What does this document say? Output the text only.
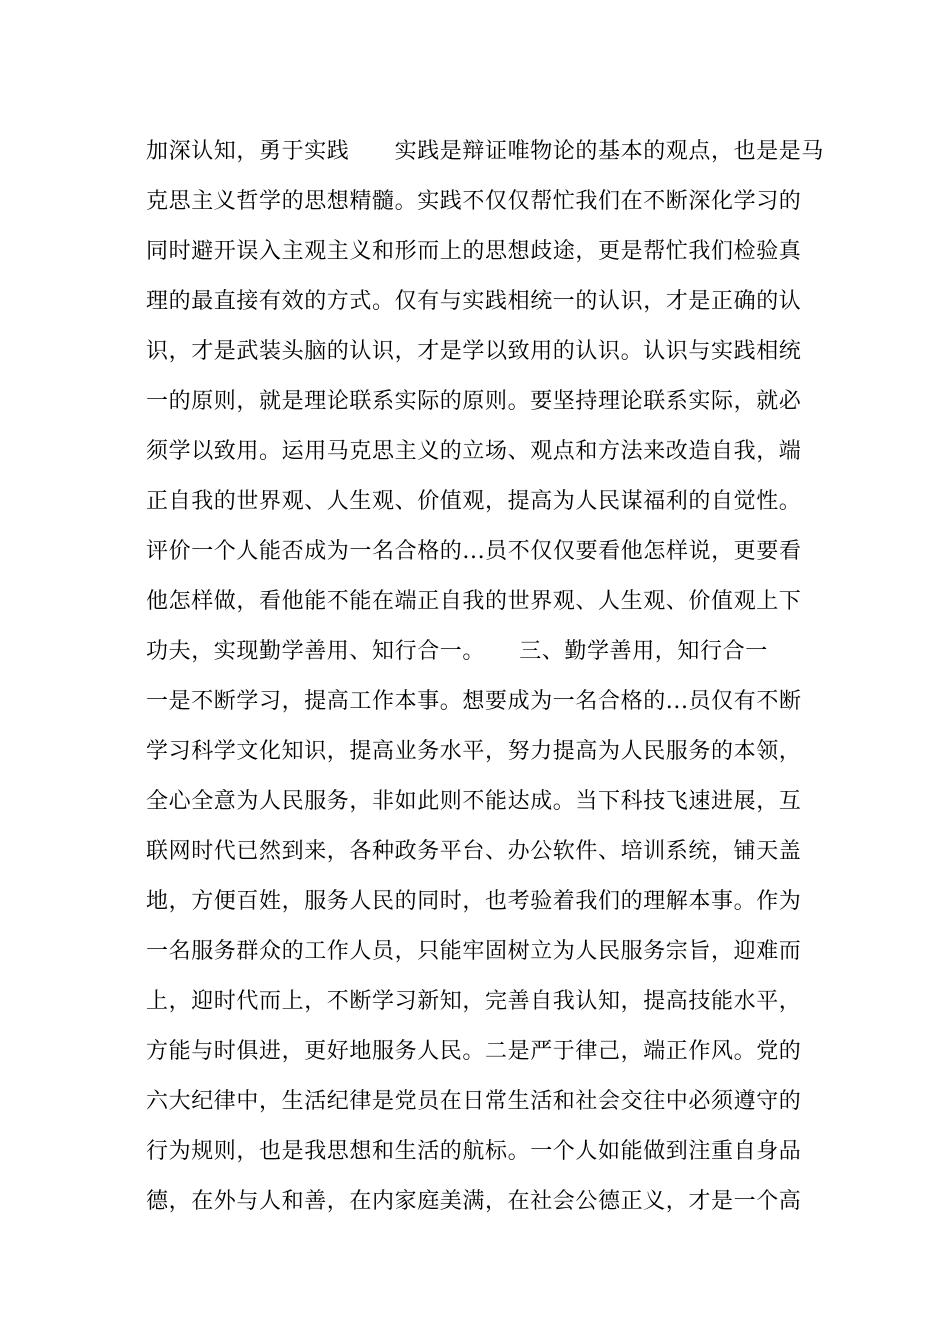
加深认知，勇于实践　　实践是辩证唯物论的基本的观点，也是是马
克思主义哲学的思想精髓。实践不仅仅帮忙我们在不断深化学习的
同时避开误入主观主义和形而上的思想歧途，更是帮忙我们检验真
理的最直接有效的方式。仅有与实践相统一的认识，才是正确的认
识，才是武装头脑的认识，才是学以致用的认识。认识与实践相统
一的原则，就是理论联系实际的原则。要坚持理论联系实际，就必
须学以致用。运用马克思主义的立场、观点和方法来改造自我，端
正自我的世界观、人生观、价值观，提高为人民谋福利的自觉性。
评价一个人能否成为一名合格的...员不仅仅要看他怎样说，更要看
他怎样做，看他能不能在端正自我的世界观、人生观、价值观上下
功夫，实现勤学善用、知行合一。　　三、勤学善用，知行合一
一是不断学习，提高工作本事。想要成为一名合格的...员仅有不断
学习科学文化知识，提高业务水平，努力提高为人民服务的本领，
全心全意为人民服务，非如此则不能达成。当下科技飞速进展，互
联网时代已然到来，各种政务平台、办公软件、培训系统，铺天盖
地，方便百姓，服务人民的同时，也考验着我们的理解本事。作为
一名服务群众的工作人员，只能牢固树立为人民服务宗旨，迎难而
上，迎时代而上，不断学习新知，完善自我认知，提高技能水平，
方能与时俱进，更好地服务人民。二是严于律己，端正作风。党的
六大纪律中，生活纪律是党员在日常生活和社会交往中必须遵守的
行为规则，也是我思想和生活的航标。一个人如能做到注重自身品
德，在外与人和善，在内家庭美满，在社会公德正义，才是一个高
